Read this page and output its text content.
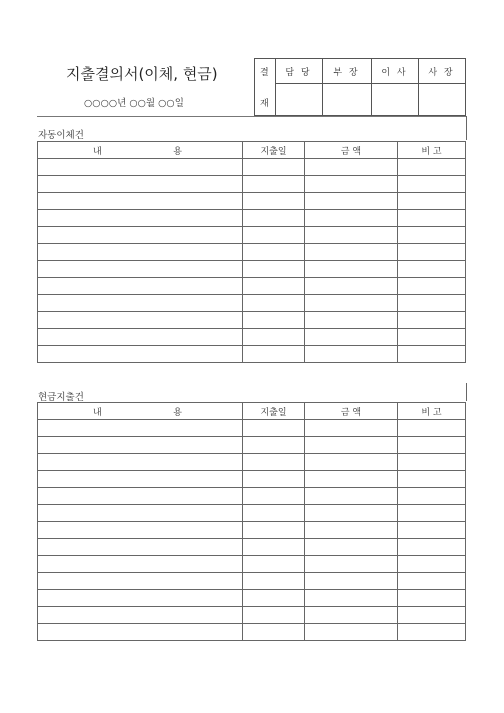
지출결의서(이체, 현금)
○○○○년 ○○월 ○○일
결
재
담 당	부 장	이 사	사 장
자동이체건
내 용	지출일	금 액	비 고

현금지출건
내 용	지출일	금 액	비 고
